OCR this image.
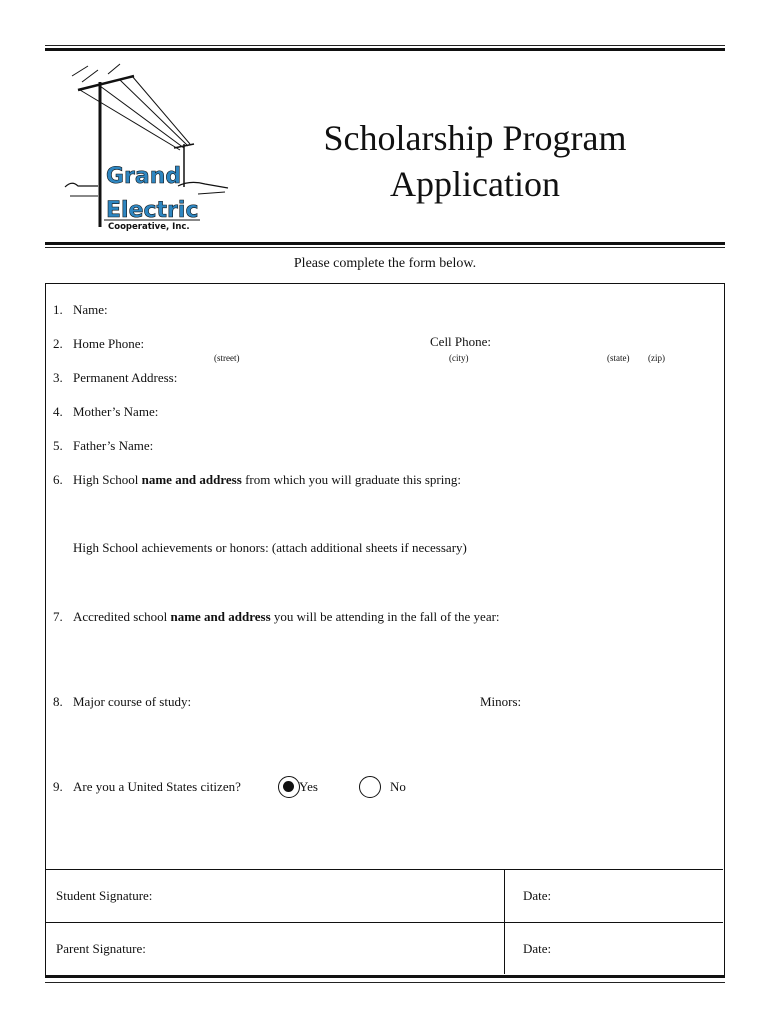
Grand
Electric
Cooperative, Inc.
Scholarship Program
Application
Please complete the form below.
1. Name:
2. Home Phone:	Cell Phone:
(street)	(city)	(state) (zip)
3. Permanent Address:
4. Mother’s Name:
5. Father’s Name:
6. High School name and address from which you will graduate this spring:
High School achievements or honors: (attach additional sheets if necessary)
7. Accredited school name and address you will be attending in the fall of the year:
8. Major course of study:	Minors:
9. Are you a United States citizen?	Yes	No
Student Signature:	Date:
Parent Signature:	Date:
